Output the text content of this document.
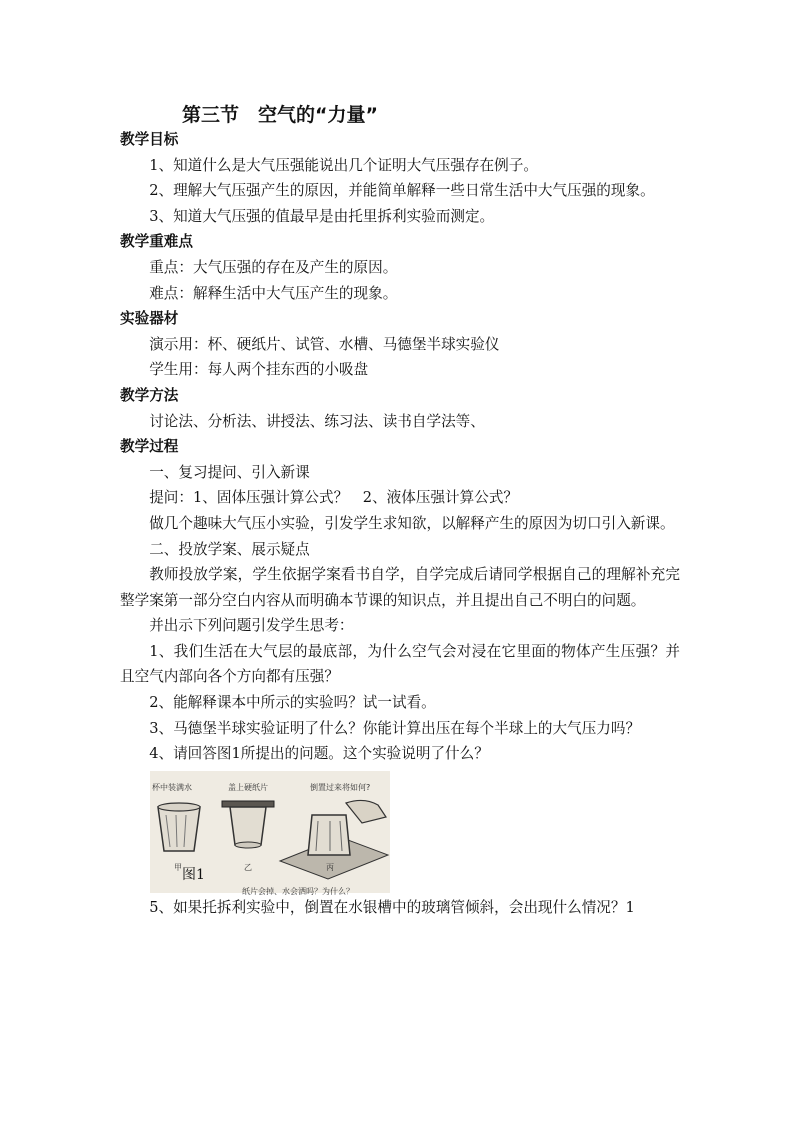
第三节　空气的“力量”

教学目标

1、知道什么是大气压强能说出几个证明大气压强存在例子。

2、理解大气压强产生的原因，并能简单解释一些日常生活中大气压强的现象。

3、知道大气压强的值最早是由托里拆利实验而测定。

教学重难点

重点：大气压强的存在及产生的原因。

难点：解释生活中大气压产生的现象。

实验器材

演示用：杯、硬纸片、试管、水槽、马德堡半球实验仪

学生用：每人两个挂东西的小吸盘

教学方法

讨论法、分析法、讲授法、练习法、读书自学法等、

教学过程

一、复习提问、引入新课

提问：1、固体压强计算公式？　2、液体压强计算公式？

做几个趣味大气压小实验，引发学生求知欲，以解释产生的原因为切口引入新课。

二、投放学案、展示疑点

教师投放学案，学生依据学案看书自学，自学完成后请同学根据自己的理解补充完整学案第一部分空白内容从而明确本节课的知识点，并且提出自己不明白的问题。

并出示下列问题引发学生思考：

1、我们生活在大气层的最底部，为什么空气会对浸在它里面的物体产生压强？并且空气内部向各个方向都有压强？

2、能解释课本中所示的实验吗？试一试看。

3、马德堡半球实验证明了什么？你能计算出压在每个半球上的大气压力吗？

4、请回答图1所提出的问题。这个实验说明了什么？

杯中装满水	盖上硬纸片	倒置过来将如何?
甲	乙	丙
纸片会掉、水会洒吗？为什么？
图1

5、如果托拆利实验中，倒置在水银槽中的玻璃管倾斜，会出现什么情况？1
